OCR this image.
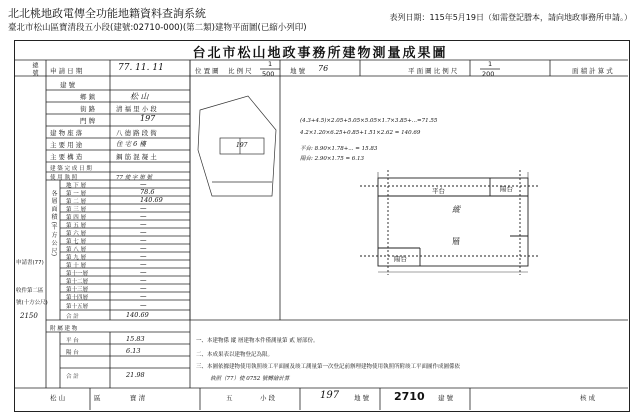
北北桃地政電傳全功能地籍資料查詢系統
臺北市松山區寶清段五小段(建號:02710-000)(第二類)建物平面圖(已縮小列印)
表列日期：115年5月19日（如需登記謄本，請向地政事務所申請。）
台北市松山地政事務所建物測量成果圖
申 請 日 期	77. 11. 11	位 置 圖 比 例 尺
1
500 地 號 76	平 面 圖 比 例 尺
1
200	面 積 計 算 式
總 號
申請書(77)
收件第二區
號(十方公尺)
2150
建 號
鄉 鎮	松 山
街 路	清 福 里 小 段
門 牌	197
建 物 座 落	八 德 路 段 衖
主 要 用 途	住 宅 6 樓
主 要 構 造	鋼 筋 混 凝 土
建 築 完 成 日 期
使 用 執 照	77 使 字 第 號
各 層 面 積 (平 方 公 尺)
地 下 層	—
第 一 層	78.6
第 二 層	140.69
第 三 層	—
第 四 層	—
第 五 層	—
第 六 層	—
第 七 層	—
第 八 層	—
第 九 層	—
第 十 層	—
第十一層	—
第十二層	—
第十三層	—
第十四層	—
第十五層	—
合 計	140.69
附 屬 建 物
平 台	15.83
陽 台	6.13
合 計	21.98
197
(4.3+4.5)×2.05+5.05×5.05×1.7×3.85+...=71.55
4.2×1.20×6.25+0.85+1.51×2.62 = 140.69
平台: 8.90×1.78+... = 15.83
陽台: 2.90×1.75 = 6.13
平台	陽台
縱
層
陽台
一、本建物係 縱 層建物本件僅測量第 貳 層部份。
二、本成果表以建物登記為限。
三、本圖依據建物使用執照竣工平面圖及竣工測量第一次登記前辦理建物使用執照所附竣工平面圖作成圖係依
執照（77）使 0752 號轉繪計算
松 山	區	寶 清	五	小 段	197 地 號 2710 建 號	核 成
